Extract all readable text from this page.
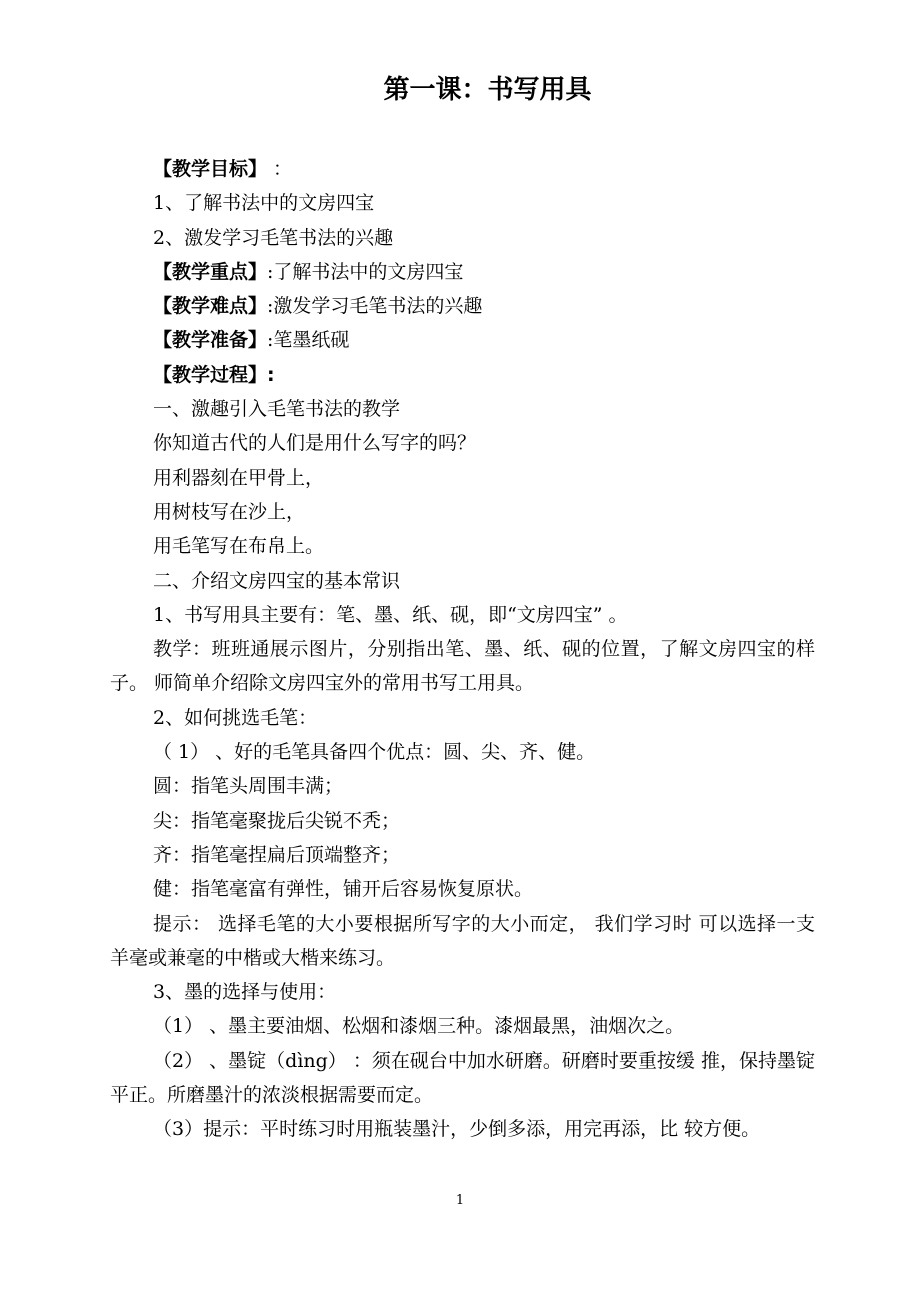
第一课：书写用具

【教学目标】 ：

1、了解书法中的文房四宝

2、激发学习毛笔书法的兴趣

【教学重点】:了解书法中的文房四宝

【教学难点】:激发学习毛笔书法的兴趣

【教学准备】:笔墨纸砚

【教学过程】:

一、激趣引入毛笔书法的教学

你知道古代的人们是用什么写字的吗？

用利器刻在甲骨上，

用树枝写在沙上，

用毛笔写在布帛上。

二、介绍文房四宝的基本常识

1、书写用具主要有：笔、墨、纸、砚，即“文房四宝” 。

教学：班班通展示图片，分别指出笔、墨、纸、砚的位置，了解文房四宝的样子。 师简单介绍除文房四宝外的常用书写工用具。

2、如何挑选毛笔：

（ 1） 、好的毛笔具备四个优点：圆、尖、齐、健。

圆：指笔头周围丰满；

尖：指笔毫聚拢后尖锐不秃；

齐：指笔毫捏扁后顶端整齐；

健：指笔毫富有弹性，铺开后容易恢复原状。

提示： 选择毛笔的大小要根据所写字的大小而定， 我们学习时 可以选择一支羊毫或兼毫的中楷或大楷来练习。

3、墨的选择与使用：

（1） 、墨主要油烟、松烟和漆烟三种。漆烟最黑，油烟次之。

（2） 、墨锭（dìng） ：须在砚台中加水研磨。研磨时要重按缓 推，保持墨锭平正。所磨墨汁的浓淡根据需要而定。

（3）提示：平时练习时用瓶装墨汁，少倒多添，用完再添，比 较方便。

1
